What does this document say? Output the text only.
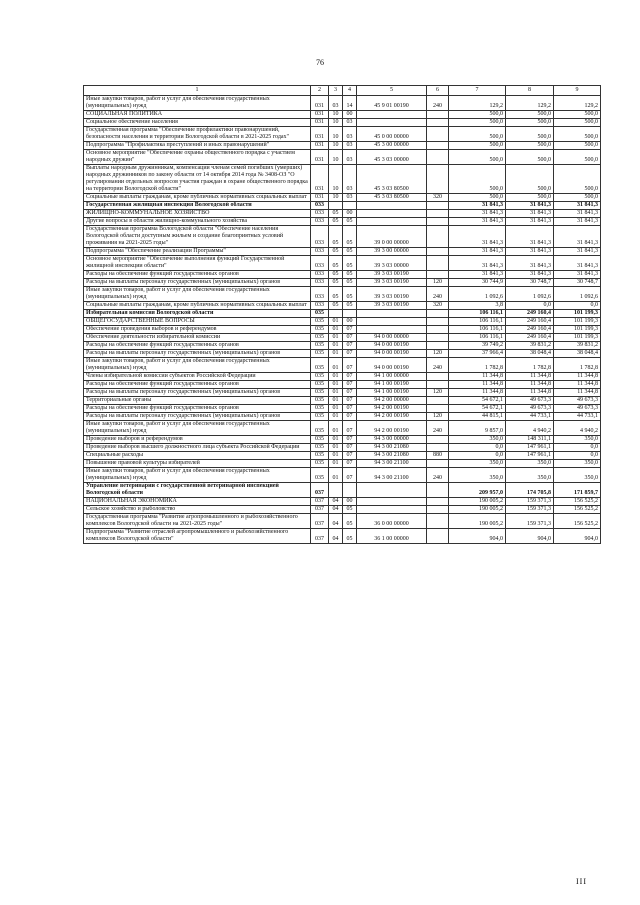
76
1	2	3	4	5	6	7	8	9
Иные закупки товаров, работ и услуг для обеспечения государственных (муниципальных) нужд	031	03	14	45 9 01 00190	240	129,2	129,2	129,2
СОЦИАЛЬНАЯ ПОЛИТИКА	031	10	00			500,0	500,0	500,0
Социальное обеспечение населения	031	10	03			500,0	500,0	500,0
Государственная программа "Обеспечение профилактики правонарушений, безопасности населения и территории Вологодской области в 2021-2025 годах"	031	10	03	45 0 00 00000		500,0	500,0	500,0
Подпрограмма "Профилактика преступлений и иных правонарушений"	031	10	03	45 3 00 00000		500,0	500,0	500,0
Основное мероприятие "Обеспечение охраны общественного порядка с участием народных дружин"	031	10	03	45 3 03 00000		500,0	500,0	500,0
Выплаты народным дружинникам, компенсации членам семей погибших (умерших) народных дружинников по закону области от 14 октября 2014 года № 3408-ОЗ "О регулировании отдельных вопросов участия граждан в охране общественного порядка на территории Вологодской области"	031	10	03	45 3 03 80500		500,0	500,0	500,0
Социальные выплаты гражданам, кроме публичных нормативных социальных выплат	031	10	03	45 3 03 80500	320	500,0	500,0	500,0
Государственная жилищная инспекция Вологодской области	033					31 841,3	31 841,3	31 841,3
ЖИЛИЩНО-КОММУНАЛЬНОЕ ХОЗЯЙСТВО	033	05	00			31 841,3	31 841,3	31 841,3
Другие вопросы в области жилищно-коммунального хозяйства	033	05	05			31 841,3	31 841,3	31 841,3
Государственная программа Вологодской области "Обеспечение населения Вологодской области доступным жильем и создание благоприятных условий проживания на 2021-2025 годы"	033	05	05	39 0 00 00000		31 841,3	31 841,3	31 841,3
Подпрограмма "Обеспечение реализации Программы"	033	05	05	39 3 00 00000		31 841,3	31 841,3	31 841,3
Основное мероприятие "Обеспечение выполнения функций Государственной жилищной инспекции области"	033	05	05	39 3 03 00000		31 841,3	31 841,3	31 841,3
Расходы на обеспечение функций государственных органов	033	05	05	39 3 03 00190		31 841,3	31 841,3	31 841,3
Расходы на выплаты персоналу государственных (муниципальных) органов	033	05	05	39 3 03 00190	120	30 744,9	30 748,7	30 748,7
Иные закупки товаров, работ и услуг для обеспечения государственных (муниципальных) нужд	033	05	05	39 3 03 00190	240	1 092,6	1 092,6	1 092,6
Социальные выплаты гражданам, кроме публичных нормативных социальных выплат	033	05	05	39 3 03 00190	320	3,8	0,0	0,0
Избирательная комиссия Вологодской области	035					106 116,1	249 160,4	101 199,3
ОБЩЕГОСУДАРСТВЕННЫЕ ВОПРОСЫ	035	01	00			106 116,1	249 160,4	101 199,3
Обеспечение проведения выборов и референдумов	035	01	07			106 116,1	249 160,4	101 199,3
Обеспечение деятельности избирательной комиссии	035	01	07	94 0 00 00000		106 116,1	249 160,4	101 199,3
Расходы на обеспечение функций государственных органов	035	01	07	94 0 00 00190		39 749,2	39 831,2	39 831,2
Расходы на выплаты персоналу государственных (муниципальных) органов	035	01	07	94 0 00 00190	120	37 966,4	38 048,4	38 048,4
Иные закупки товаров, работ и услуг для обеспечения государственных (муниципальных) нужд	035	01	07	94 0 00 00190	240	1 782,8	1 782,8	1 782,8
Члены избирательной комиссии субъектов Российской Федерации	035	01	07	94 1 00 00000		11 344,8	11 344,8	11 344,8
Расходы на обеспечение функций государственных органов	035	01	07	94 1 00 00190		11 344,8	11 344,8	11 344,8
Расходы на выплаты персоналу государственных (муниципальных) органов	035	01	07	94 1 00 00190	120	11 344,8	11 344,8	11 344,8
Территориальные органы	035	01	07	94 2 00 00000		54 672,1	49 673,3	49 673,3
Расходы на обеспечение функций государственных органов	035	01	07	94 2 00 00190		54 672,1	49 673,3	49 673,3
Расходы на выплаты персоналу государственных (муниципальных) органов	035	01	07	94 2 00 00190	120	44 815,1	44 733,1	44 733,1
Иные закупки товаров, работ и услуг для обеспечения государственных (муниципальных) нужд	035	01	07	94 2 00 00190	240	9 857,0	4 940,2	4 940,2
Проведение выборов и референдумов	035	01	07	94 3 00 00000		350,0	148 311,1	350,0
Проведение выборов высшего должностного лица субъекта Российской Федерации	035	01	07	94 3 00 21080		0,0	147 961,1	0,0
Специальные расходы	035	01	07	94 3 00 21080	880	0,0	147 961,1	0,0
Повышение правовой культуры избирателей	035	01	07	94 3 00 21100		350,0	350,0	350,0
Иные закупки товаров, работ и услуг для обеспечения государственных (муниципальных) нужд	035	01	07	94 3 00 21100	240	350,0	350,0	350,0
Управление ветеринарии с государственной ветеринарной инспекцией Вологодской области	037					209 957,0	174 705,8	171 859,7
НАЦИОНАЛЬНАЯ ЭКОНОМИКА	037	04	00			190 005,2	159 371,3	156 525,2
Сельское хозяйство и рыболовство	037	04	05			190 005,2	159 371,3	156 525,2
Государственная программа "Развитие агропромышленного и рыбохозяйственного комплексов Вологодской области на 2021-2025 годы"	037	04	05	36 0 00 00000		190 005,2	159 371,3	156 525,2
Подпрограмма "Развитие отраслей агропромышленного и рыбохозяйственного комплексов Вологодской области"	037	04	05	36 1 00 00000		904,0	904,0	904,0
III
